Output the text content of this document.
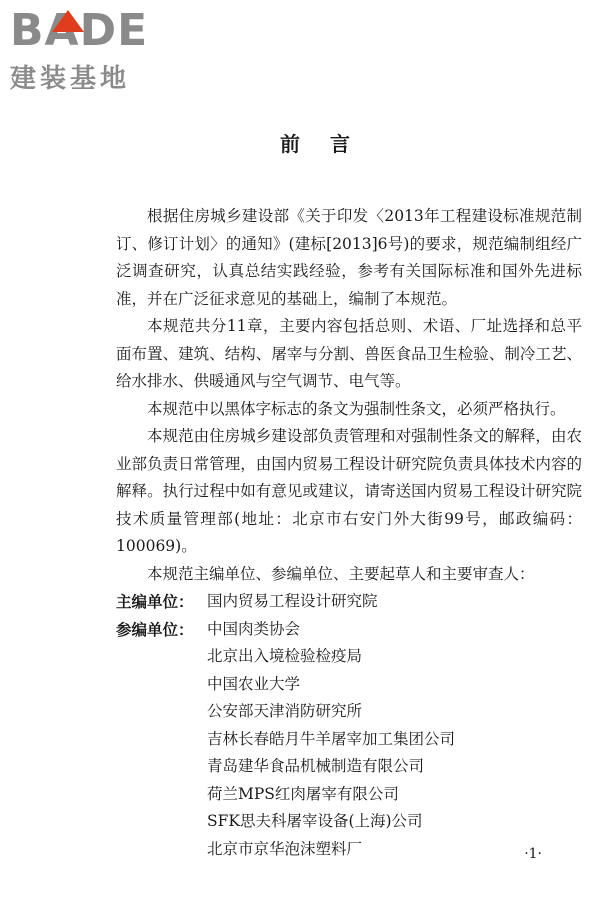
BADE
建装基地
前言

根据住房城乡建设部《关于印发〈2013年工程建设标准规范制订、修订计划〉的通知》(建标[2013]6号)的要求，规范编制组经广泛调查研究，认真总结实践经验，参考有关国际标准和国外先进标准，并在广泛征求意见的基础上，编制了本规范。

本规范共分11章，主要内容包括总则、术语、厂址选择和总平面布置、建筑、结构、屠宰与分割、兽医食品卫生检验、制冷工艺、给水排水、供暖通风与空气调节、电气等。

本规范中以黑体字标志的条文为强制性条文，必须严格执行。

本规范由住房城乡建设部负责管理和对强制性条文的解释，由农业部负责日常管理，由国内贸易工程设计研究院负责具体技术内容的解释。执行过程中如有意见或建议，请寄送国内贸易工程设计研究院技术质量管理部(地址：北京市右安门外大街99号，邮政编码：100069)。

本规范主编单位、参编单位、主要起草人和主要审查人：

主编单位： 国内贸易工程设计研究院
参编单位： 中国肉类协会
北京出入境检验检疫局
中国农业大学
公安部天津消防研究所
吉林长春皓月牛羊屠宰加工集团公司
青岛建华食品机械制造有限公司
荷兰MPS红肉屠宰有限公司
SFK思夫科屠宰设备(上海)公司
北京市京华泡沫塑料厂	·1·
